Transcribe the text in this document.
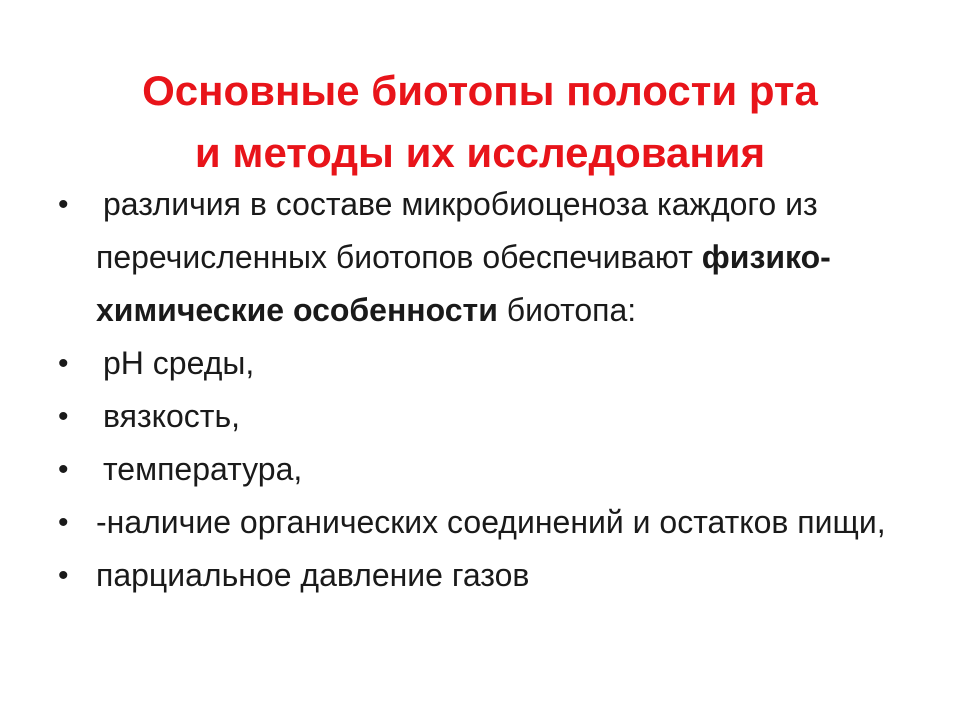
Основные биотопы полости рта
и методы их исследования
• различия в составе микробиоценоза каждого из перечисленных биотопов обеспечивают физико-химические особенности биотопа:
• рН среды,
• вязкость,
• температура,
• -наличие органических соединений и остатков пищи,
• парциальное давление газов
